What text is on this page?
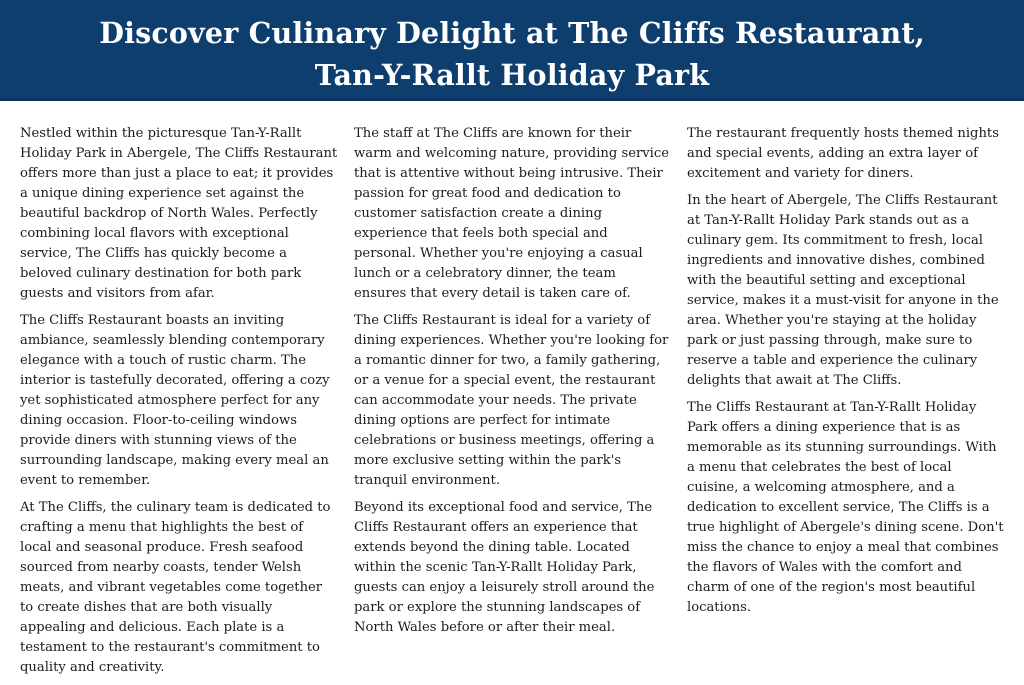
Discover Culinary Delight at The Cliffs Restaurant,
Tan-Y-Rallt Holiday Park

Nestled within the picturesque Tan-Y-Rallt Holiday Park in Abergele, The Cliffs Restaurant offers more than just a place to eat; it provides a unique dining experience set against the beautiful backdrop of North Wales. Perfectly combining local flavors with exceptional service, The Cliffs has quickly become a beloved culinary destination for both park guests and visitors from afar.

The Cliffs Restaurant boasts an inviting ambiance, seamlessly blending contemporary elegance with a touch of rustic charm. The interior is tastefully decorated, offering a cozy yet sophisticated atmosphere perfect for any dining occasion. Floor-to-ceiling windows provide diners with stunning views of the surrounding landscape, making every meal an event to remember.

At The Cliffs, the culinary team is dedicated to crafting a menu that highlights the best of local and seasonal produce. Fresh seafood sourced from nearby coasts, tender Welsh meats, and vibrant vegetables come together to create dishes that are both visually appealing and delicious. Each plate is a testament to the restaurant's commitment to quality and creativity.

The staff at The Cliffs are known for their warm and welcoming nature, providing service that is attentive without being intrusive. Their passion for great food and dedication to customer satisfaction create a dining experience that feels both special and personal. Whether you're enjoying a casual lunch or a celebratory dinner, the team ensures that every detail is taken care of.

The Cliffs Restaurant is ideal for a variety of dining experiences. Whether you're looking for a romantic dinner for two, a family gathering, or a venue for a special event, the restaurant can accommodate your needs. The private dining options are perfect for intimate celebrations or business meetings, offering a more exclusive setting within the park's tranquil environment.

Beyond its exceptional food and service, The Cliffs Restaurant offers an experience that extends beyond the dining table. Located within the scenic Tan-Y-Rallt Holiday Park, guests can enjoy a leisurely stroll around the park or explore the stunning landscapes of North Wales before or after their meal.

The restaurant frequently hosts themed nights and special events, adding an extra layer of excitement and variety for diners.

In the heart of Abergele, The Cliffs Restaurant at Tan-Y-Rallt Holiday Park stands out as a culinary gem. Its commitment to fresh, local ingredients and innovative dishes, combined with the beautiful setting and exceptional service, makes it a must-visit for anyone in the area. Whether you're staying at the holiday park or just passing through, make sure to reserve a table and experience the culinary delights that await at The Cliffs.

The Cliffs Restaurant at Tan-Y-Rallt Holiday Park offers a dining experience that is as memorable as its stunning surroundings. With a menu that celebrates the best of local cuisine, a welcoming atmosphere, and a dedication to excellent service, The Cliffs is a true highlight of Abergele's dining scene. Don't miss the chance to enjoy a meal that combines the flavors of Wales with the comfort and charm of one of the region's most beautiful locations.
